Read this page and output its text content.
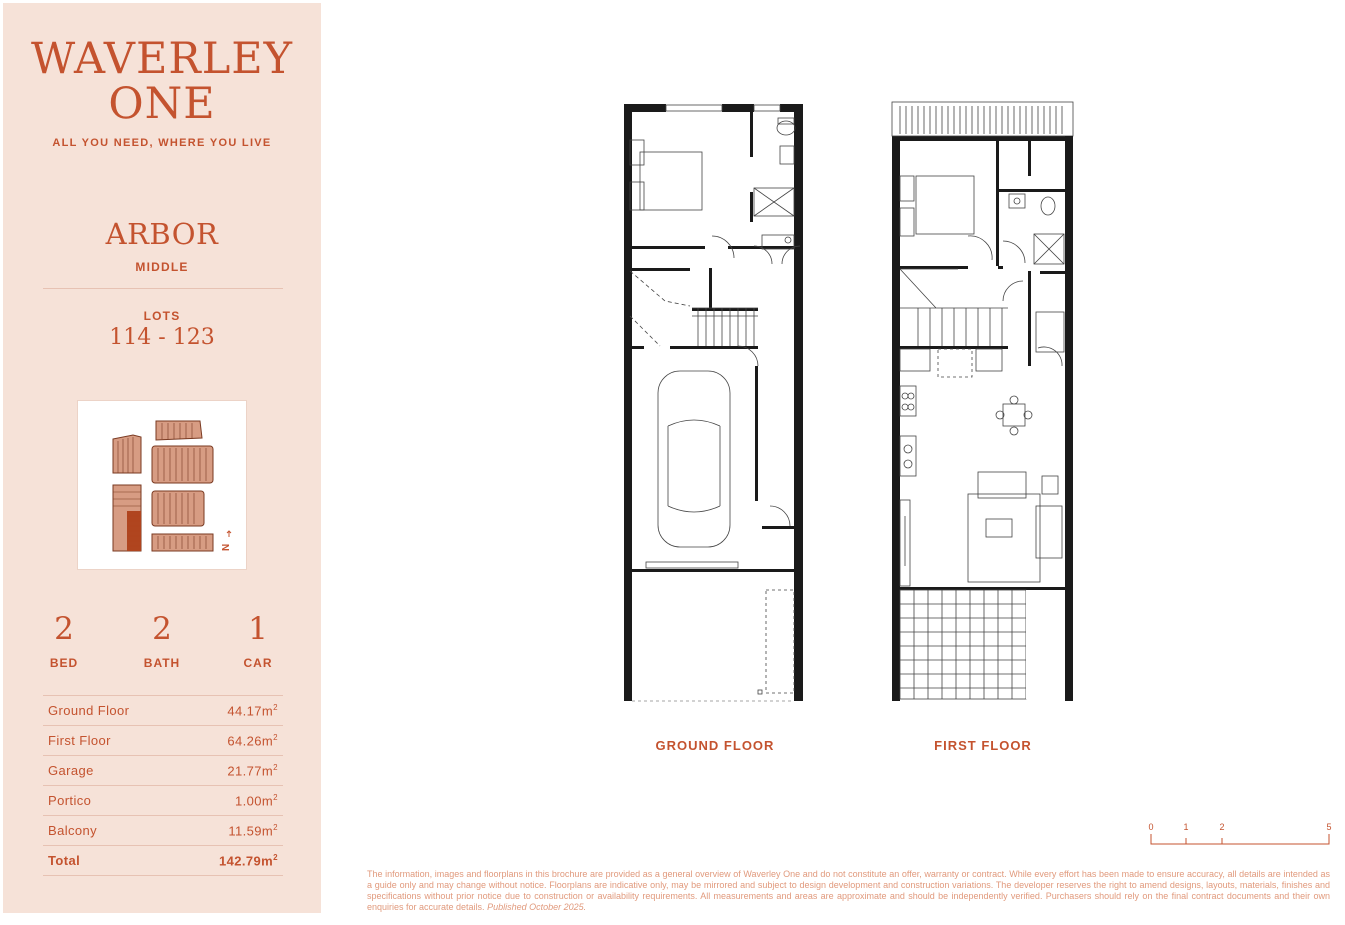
WAVERLEY
ONE
ALL YOU NEED, WHERE YOU LIVE
ARBOR
MIDDLE
LOTS
114 - 123
N
2
BED
2
BATH
1
CAR
Ground Floor	$44.17m^2$
First Floor	$64.26m^2$
Garage	$21.77m^2$
Portico	$1.00m^2$
Balcony	$11.59m^2$
Total	$142.79m^2$
GROUND FLOOR	FIRST FLOOR
0	1	2	5
The information, images and floorplans in this brochure are provided as a general overview of Waverley One and do not constitute an offer, warranty or contract. While every effort has been made to ensure accuracy, all details are intended as a guide only and may change without notice. Floorplans are indicative only, may be mirrored and subject to design development and construction variations. The developer reserves the right to amend designs, layouts, materials, finishes and specifications without prior notice due to construction or availability requirements. All measurements and areas are approximate and should be independently verified. Purchasers should rely on the final contract documents and their own enquiries for accurate details. Published October 2025.
